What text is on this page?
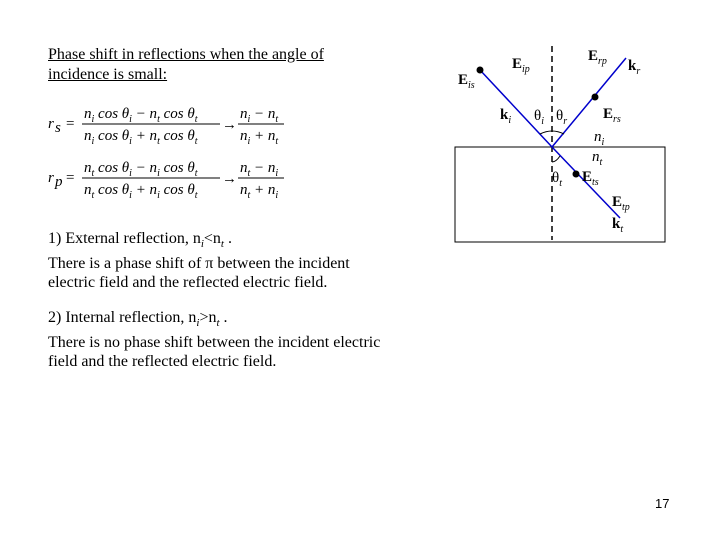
Phase shift in reflections when the angle of incidence is small:
r s =
$n_i$ $\cos \theta_i - n_t$ $\cos \theta_t$
$n_i$ $\cos \theta_i + n_t$ $\cos \theta_t$
→
$n_i - n_t$
$n_i + n_t$
r p =
$n_t$ $\cos \theta_i - n_i$ $\cos \theta_t$
$n_t$ $\cos \theta_i + n_i$ $\cos \theta_t$
→
$n_t - n_i$
$n_t + n_i$
1) External reflection, $n_i<n_t$ .
There is a phase shift of π between the incident
electric field and the reflected electric field.
2) Internal reflection, $n_i>n_t$ .
There is no phase shift between the incident electric
field and the reflected electric field.
$E_{is}$
$E_{ip}$
$E_{rp}$ $k_r$
$E_{rs}$
$k_i$ $\theta_i$ $\theta_r$
$n_i$
$n_t$
$\theta_t$ $E_{ts}$
$E_{tp}$
$k_t$
17
